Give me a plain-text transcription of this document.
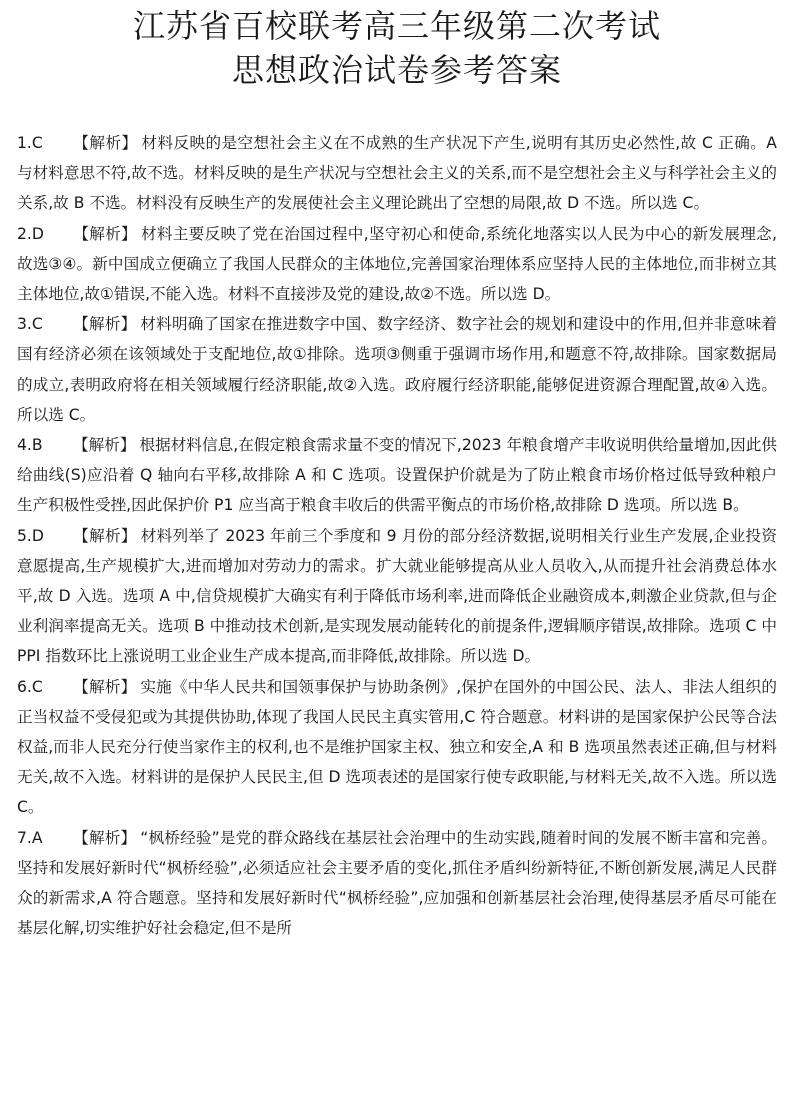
江苏省百校联考高三年级第二次考试
思想政治试卷参考答案

1.C 【解析】 材料反映的是空想社会主义在不成熟的生产状况下产生,说明有其历史必然性,故 C 正确。A 与材料意思不符,故不选。材料反映的是生产状况与空想社会主义的关系,而不是空想社会主义与科学社会主义的关系,故 B 不选。材料没有反映生产的发展使社会主义理论跳出了空想的局限,故 D 不选。所以选 C。

2.D 【解析】 材料主要反映了党在治国过程中,坚守初心和使命,系统化地落实以人民为中心的新发展理念,故选③④。新中国成立便确立了我国人民群众的主体地位,完善国家治理体系应坚持人民的主体地位,而非树立其主体地位,故①错误,不能入选。材料不直接涉及党的建设,故②不选。所以选 D。

3.C 【解析】 材料明确了国家在推进数字中国、数字经济、数字社会的规划和建设中的作用,但并非意味着国有经济必须在该领域处于支配地位,故①排除。选项③侧重于强调市场作用,和题意不符,故排除。国家数据局的成立,表明政府将在相关领域履行经济职能,故②入选。政府履行经济职能,能够促进资源合理配置,故④入选。所以选 C。

4.B 【解析】 根据材料信息,在假定粮食需求量不变的情况下,2023 年粮食增产丰收说明供给量增加,因此供给曲线(S)应沿着 Q 轴向右平移,故排除 A 和 C 选项。设置保护价就是为了防止粮食市场价格过低导致种粮户生产积极性受挫,因此保护价 P1 应当高于粮食丰收后的供需平衡点的市场价格,故排除 D 选项。所以选 B。

5.D 【解析】 材料列举了 2023 年前三个季度和 9 月份的部分经济数据,说明相关行业生产发展,企业投资意愿提高,生产规模扩大,进而增加对劳动力的需求。扩大就业能够提高从业人员收入,从而提升社会消费总体水平,故 D 入选。选项 A 中,信贷规模扩大确实有利于降低市场利率,进而降低企业融资成本,刺激企业贷款,但与企业利润率提高无关。选项 B 中推动技术创新,是实现发展动能转化的前提条件,逻辑顺序错误,故排除。选项 C 中 PPI 指数环比上涨说明工业企业生产成本提高,而非降低,故排除。所以选 D。

6.C 【解析】 实施《中华人民共和国领事保护与协助条例》,保护在国外的中国公民、法人、非法人组织的正当权益不受侵犯或为其提供协助,体现了我国人民民主真实管用,C 符合题意。材料讲的是国家保护公民等合法权益,而非人民充分行使当家作主的权利,也不是维护国家主权、独立和安全,A 和 B 选项虽然表述正确,但与材料无关,故不入选。材料讲的是保护人民民主,但 D 选项表述的是国家行使专政职能,与材料无关,故不入选。所以选 C。

7.A 【解析】 “枫桥经验”是党的群众路线在基层社会治理中的生动实践,随着时间的发展不断丰富和完善。坚持和发展好新时代“枫桥经验”,必须适应社会主要矛盾的变化,抓住矛盾纠纷新特征,不断创新发展,满足人民群众的新需求,A 符合题意。坚持和发展好新时代“枫桥经验”,应加强和创新基层社会治理,使得基层矛盾尽可能在基层化解,切实维护好社会稳定,但不是所
